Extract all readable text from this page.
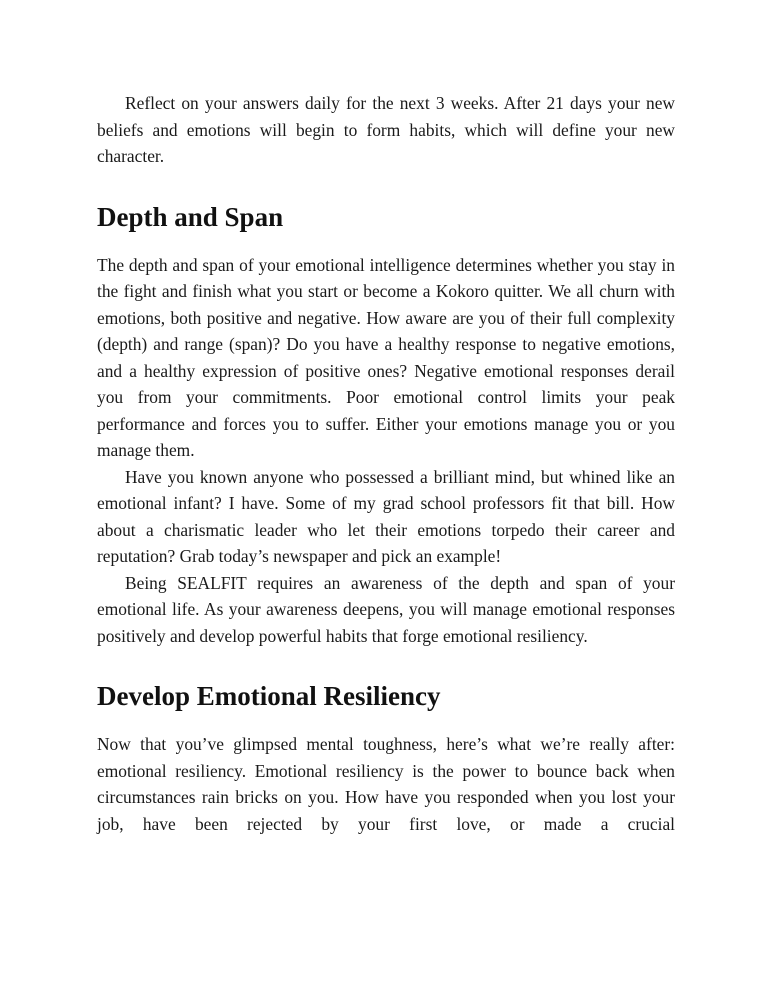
Reflect on your answers daily for the next 3 weeks. After 21 days your new beliefs and emotions will begin to form habits, which will define your new character.

Depth and Span

The depth and span of your emotional intelligence determines whether you stay in the fight and finish what you start or become a Kokoro quitter. We all churn with emotions, both positive and negative. How aware are you of their full complexity (depth) and range (span)? Do you have a healthy response to negative emotions, and a healthy expression of positive ones? Negative emotional responses derail you from your commitments. Poor emotional control limits your peak performance and forces you to suffer. Either your emotions manage you or you manage them.

Have you known anyone who possessed a brilliant mind, but whined like an emotional infant? I have. Some of my grad school professors fit that bill. How about a charismatic leader who let their emotions torpedo their career and reputation? Grab today’s newspaper and pick an example!

Being SEALFIT requires an awareness of the depth and span of your emotional life. As your awareness deepens, you will manage emotional responses positively and develop powerful habits that forge emotional resiliency.

Develop Emotional Resiliency

Now that you’ve glimpsed mental toughness, here’s what we’re really after: emotional resiliency. Emotional resiliency is the power to bounce back when circumstances rain bricks on you. How have you responded when you lost your job, have been rejected by your first love, or made a crucial
